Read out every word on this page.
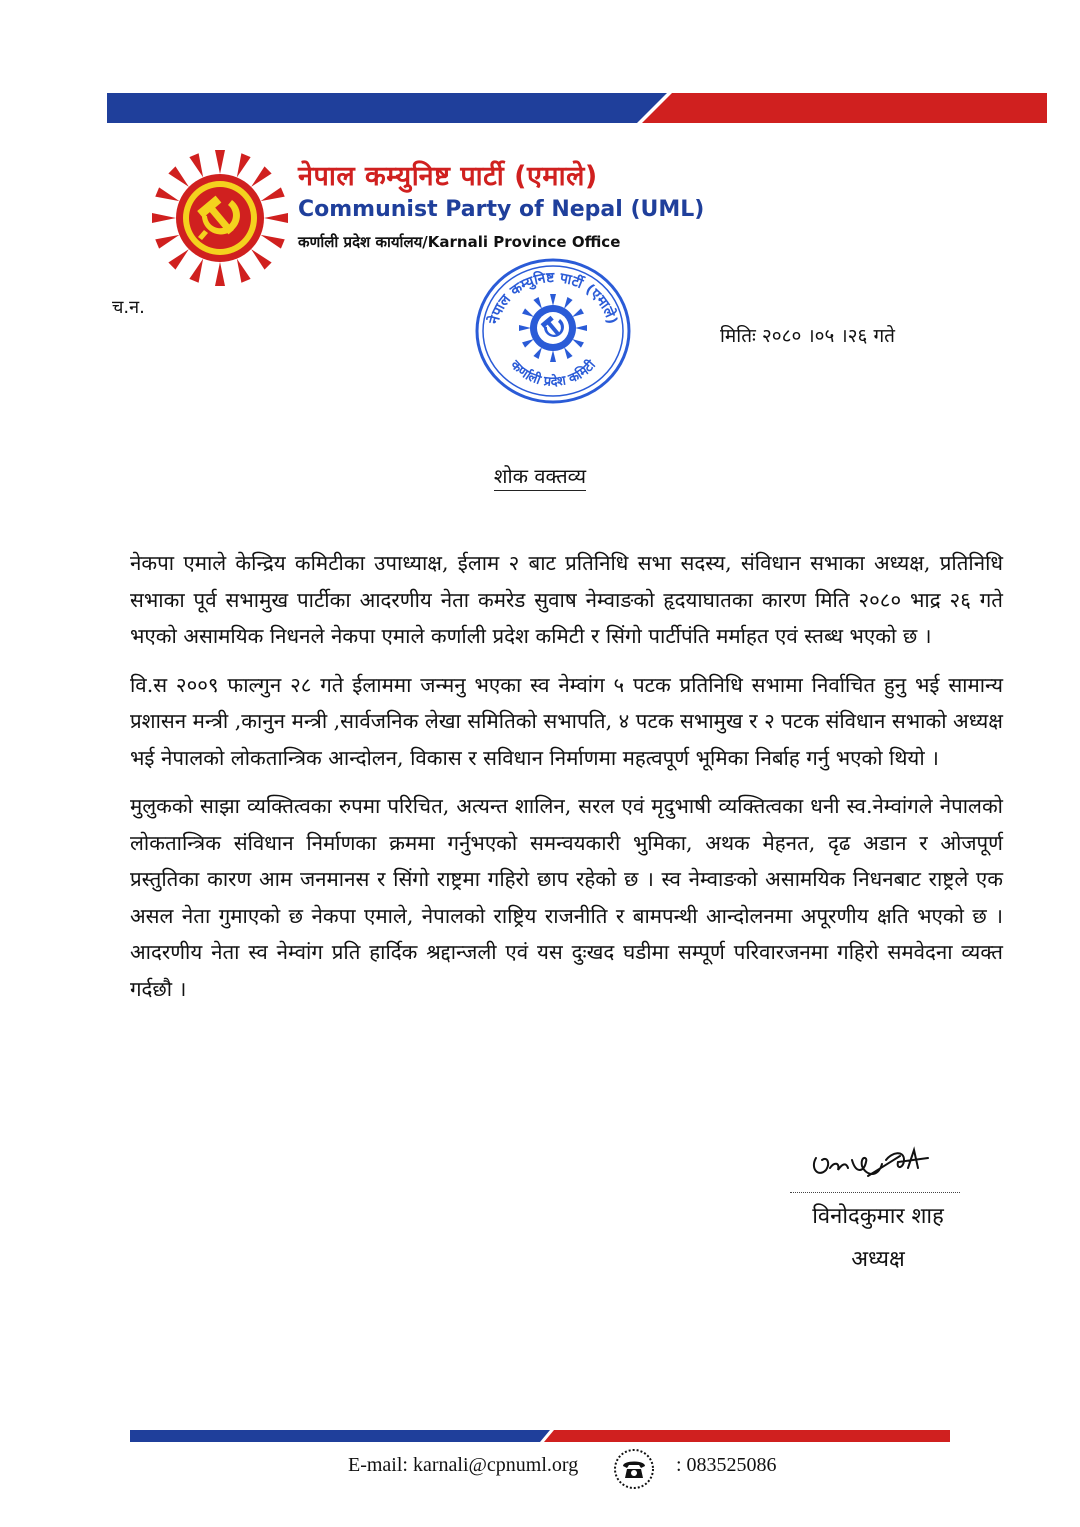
नेपाल कम्युनिष्ट पार्टी (एमाले)
Communist Party of Nepal (UML)
कर्णाली प्रदेश कार्यालय/Karnali Province Office
च.न.
नेपाल कम्युनिष्ट पार्टी (एमाले)
कर्णाली प्रदेश कमिटी
मितिः २०८० ।०५ ।२६ गते
शोक वक्तव्य

नेकपा एमाले केन्द्रिय कमिटीका उपाध्याक्ष, ईलाम २ बाट प्रतिनिधि सभा सदस्य, संविधान सभाका अध्यक्ष, प्रतिनिधि सभाका पूर्व सभामुख पार्टीका आदरणीय नेता कमरेड सुवाष नेम्वाङको हृदयाघातका कारण मिति २०८० भाद्र २६ गते भएको असामयिक निधनले नेकपा एमाले कर्णाली प्रदेश कमिटी र सिंगो पार्टीपंति मर्माहत एवं स्तब्ध भएको छ ।

वि.स २००९ फाल्गुन २८ गते ईलाममा जन्मनु भएका स्व नेम्वांग ५ पटक प्रतिनिधि सभामा निर्वाचित हुनु भई सामान्य प्रशासन मन्त्री ,कानुन मन्त्री ,सार्वजनिक लेखा समितिको सभापति, ४ पटक सभामुख र २ पटक संविधान सभाको अध्यक्ष भई नेपालको लोकतान्त्रिक आन्दोलन, विकास र सविधान निर्माणमा महत्वपूर्ण भूमिका निर्बाह गर्नु भएको थियो ।

मुलुकको साझा व्यक्तित्वका रुपमा परिचित, अत्यन्त शालिन, सरल एवं मृदुभाषी व्यक्तित्वका धनी स्व.नेम्वांगले नेपालको लोकतान्त्रिक संविधान निर्माणका क्रममा गर्नुभएको समन्वयकारी भुमिका, अथक मेहनत, दृढ अडान र ओजपूर्ण प्रस्तुतिका कारण आम जनमानस र सिंगो राष्ट्रमा गहिरो छाप रहेको छ । स्व नेम्वाङको असामयिक निधनबाट राष्ट्रले एक असल नेता गुमाएको छ नेकपा एमाले, नेपालको राष्ट्रिय राजनीति र बामपन्थी आन्दोलनमा अपूरणीय क्षति भएको छ । आदरणीय नेता स्व नेम्वांग प्रति हार्दिक श्रद्दान्जली एवं यस दुःखद घडीमा सम्पूर्ण परिवारजनमा गहिरो समवेदना व्यक्त गर्दछौ ।

विनोदकुमार शाह
अध्यक्ष
E-mail: karnali@cpnuml.org	: 083525086
